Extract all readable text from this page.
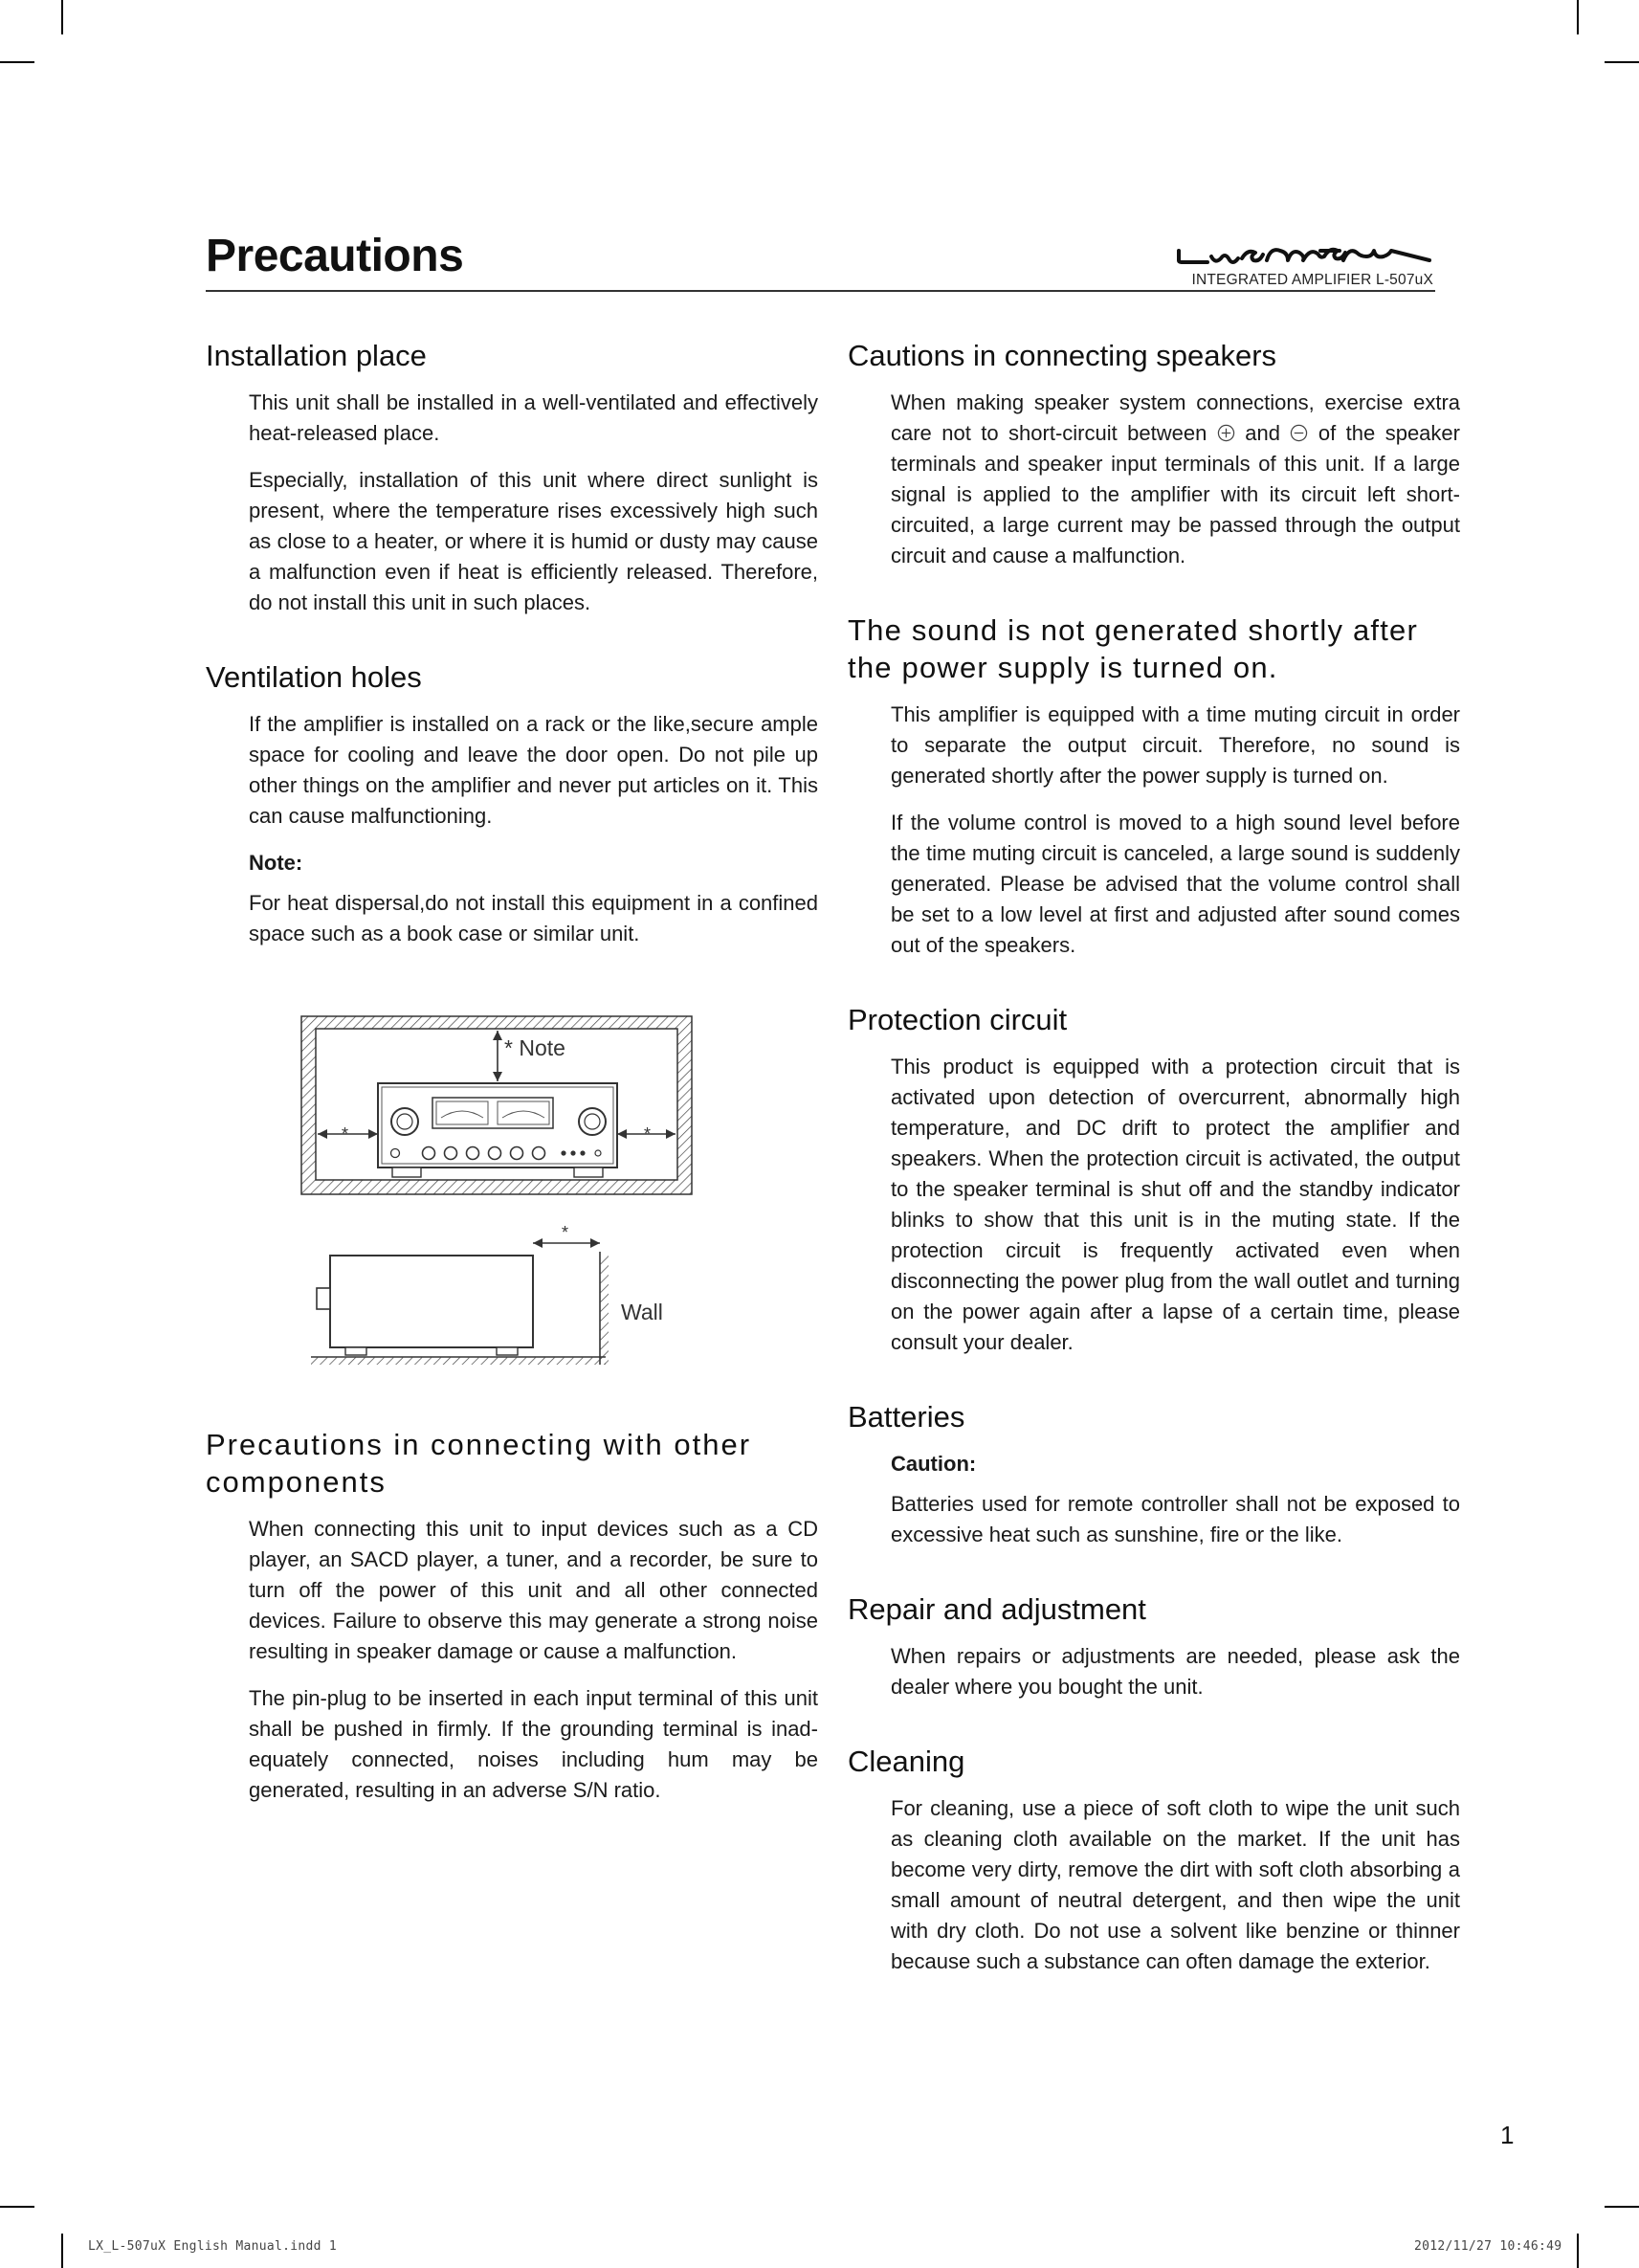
Precautions	INTEGRATED AMPLIFIER L-507uX
Installation place

This unit shall be installed in a well-ventilated and effectively heat-released place.

Especially, installation of this unit where direct sunlight is present, where the temperature rises excessively high such as close to a heater, or where it is humid or dusty may cause a malfunction even if heat is efficiently released. Therefore, do not install this unit in such places.

Ventilation holes

If the amplifier is installed on a rack or the like,secure ample space for cooling and leave the door open. Do not pile up other things on the amplifier and never put articles on it. This can cause malfunctioning.

Note:

For heat dispersal,do not install this equipment in a confined space such as a book case or similar unit.

* Note
*	*
*
Wall
Precautions in connecting with other components

When connecting this unit to input devices such as a CD player, an SACD player, a tuner, and a recorder, be sure to turn off the power of this unit and all other connected devices. Failure to observe this may generate a strong noise resulting in speaker damage or cause a malfunction.

The pin-plug to be inserted in each input terminal of this unit shall be pushed in firmly. If the grounding terminal is inad-equately connected, noises including hum may be generated, resulting in an adverse S/N ratio.

Cautions in connecting speakers

When making speaker system connections, exercise extra care not to short-circuit between and of the speaker terminals and speaker input terminals of this unit. If a large signal is applied to the amplifier with its circuit left short-circuited, a large current may be passed through the output circuit and cause a malfunction.

The sound is not generated shortly after the power supply is turned on.

This amplifier is equipped with a time muting circuit in order to separate the output circuit. Therefore, no sound is generated shortly after the power supply is turned on.

If the volume control is moved to a high sound level before the time muting circuit is canceled, a large sound is suddenly generated. Please be advised that the volume control shall be set to a low level at first and adjusted after sound comes out of the speakers.

Protection circuit

This product is equipped with a protection circuit that is activated upon detection of overcurrent, abnormally high temperature, and DC drift to protect the amplifier and speakers. When the protection circuit is activated, the output to the speaker terminal is shut off and the standby indicator blinks to show that this unit is in the muting state. If the protection circuit is frequently activated even when disconnecting the power plug from the wall outlet and turning on the power again after a lapse of a certain time, please consult your dealer.

Batteries

Caution:

Batteries used for remote controller shall not be exposed to excessive heat such as sunshine, fire or the like.

Repair and adjustment

When repairs or adjustments are needed, please ask the dealer where you bought the unit.

Cleaning

For cleaning, use a piece of soft cloth to wipe the unit such as cleaning cloth available on the market. If the unit has become very dirty, remove the dirt with soft cloth absorbing a small amount of neutral detergent, and then wipe the unit with dry cloth. Do not use a solvent like benzine or thinner because such a substance can often damage the exterior.

1
LX_L-507uX English Manual.indd 1	2012/11/27 10:46:49
